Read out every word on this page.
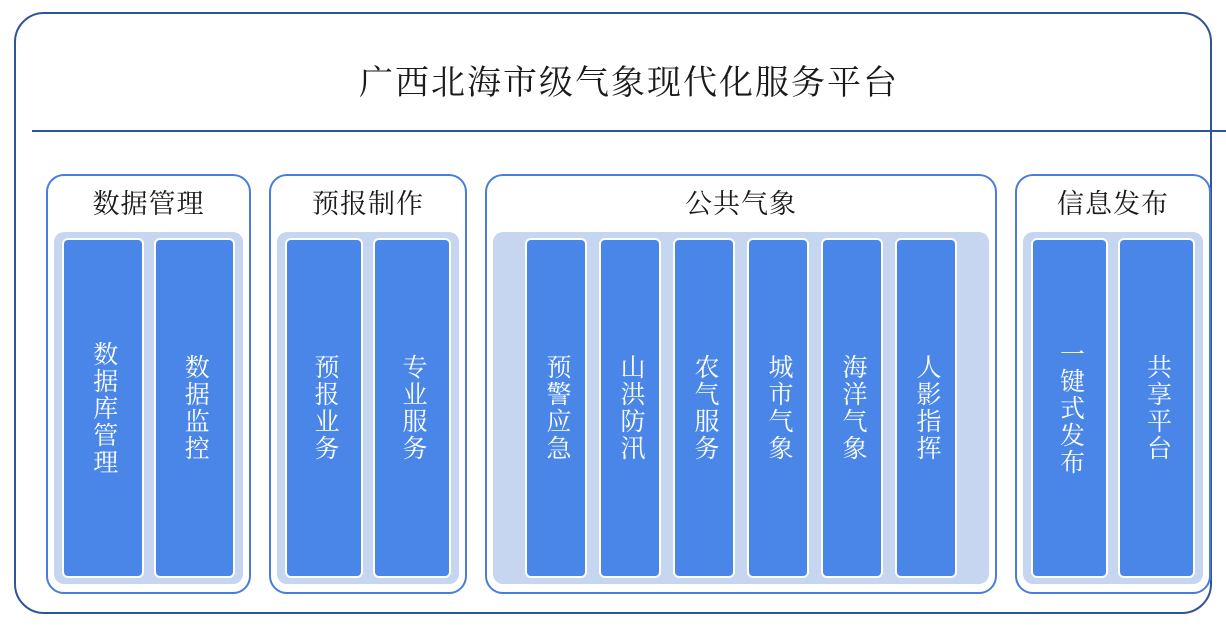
广西北海市级气象现代化服务平台
数据管理
数据库管理	数据监控
预报制作
预报业务 专业服务
公共气象
预警应急 山洪防汛 农气服务 城市气象 海洋气象 人影指挥
信息发布
一键式发布 共享平台
